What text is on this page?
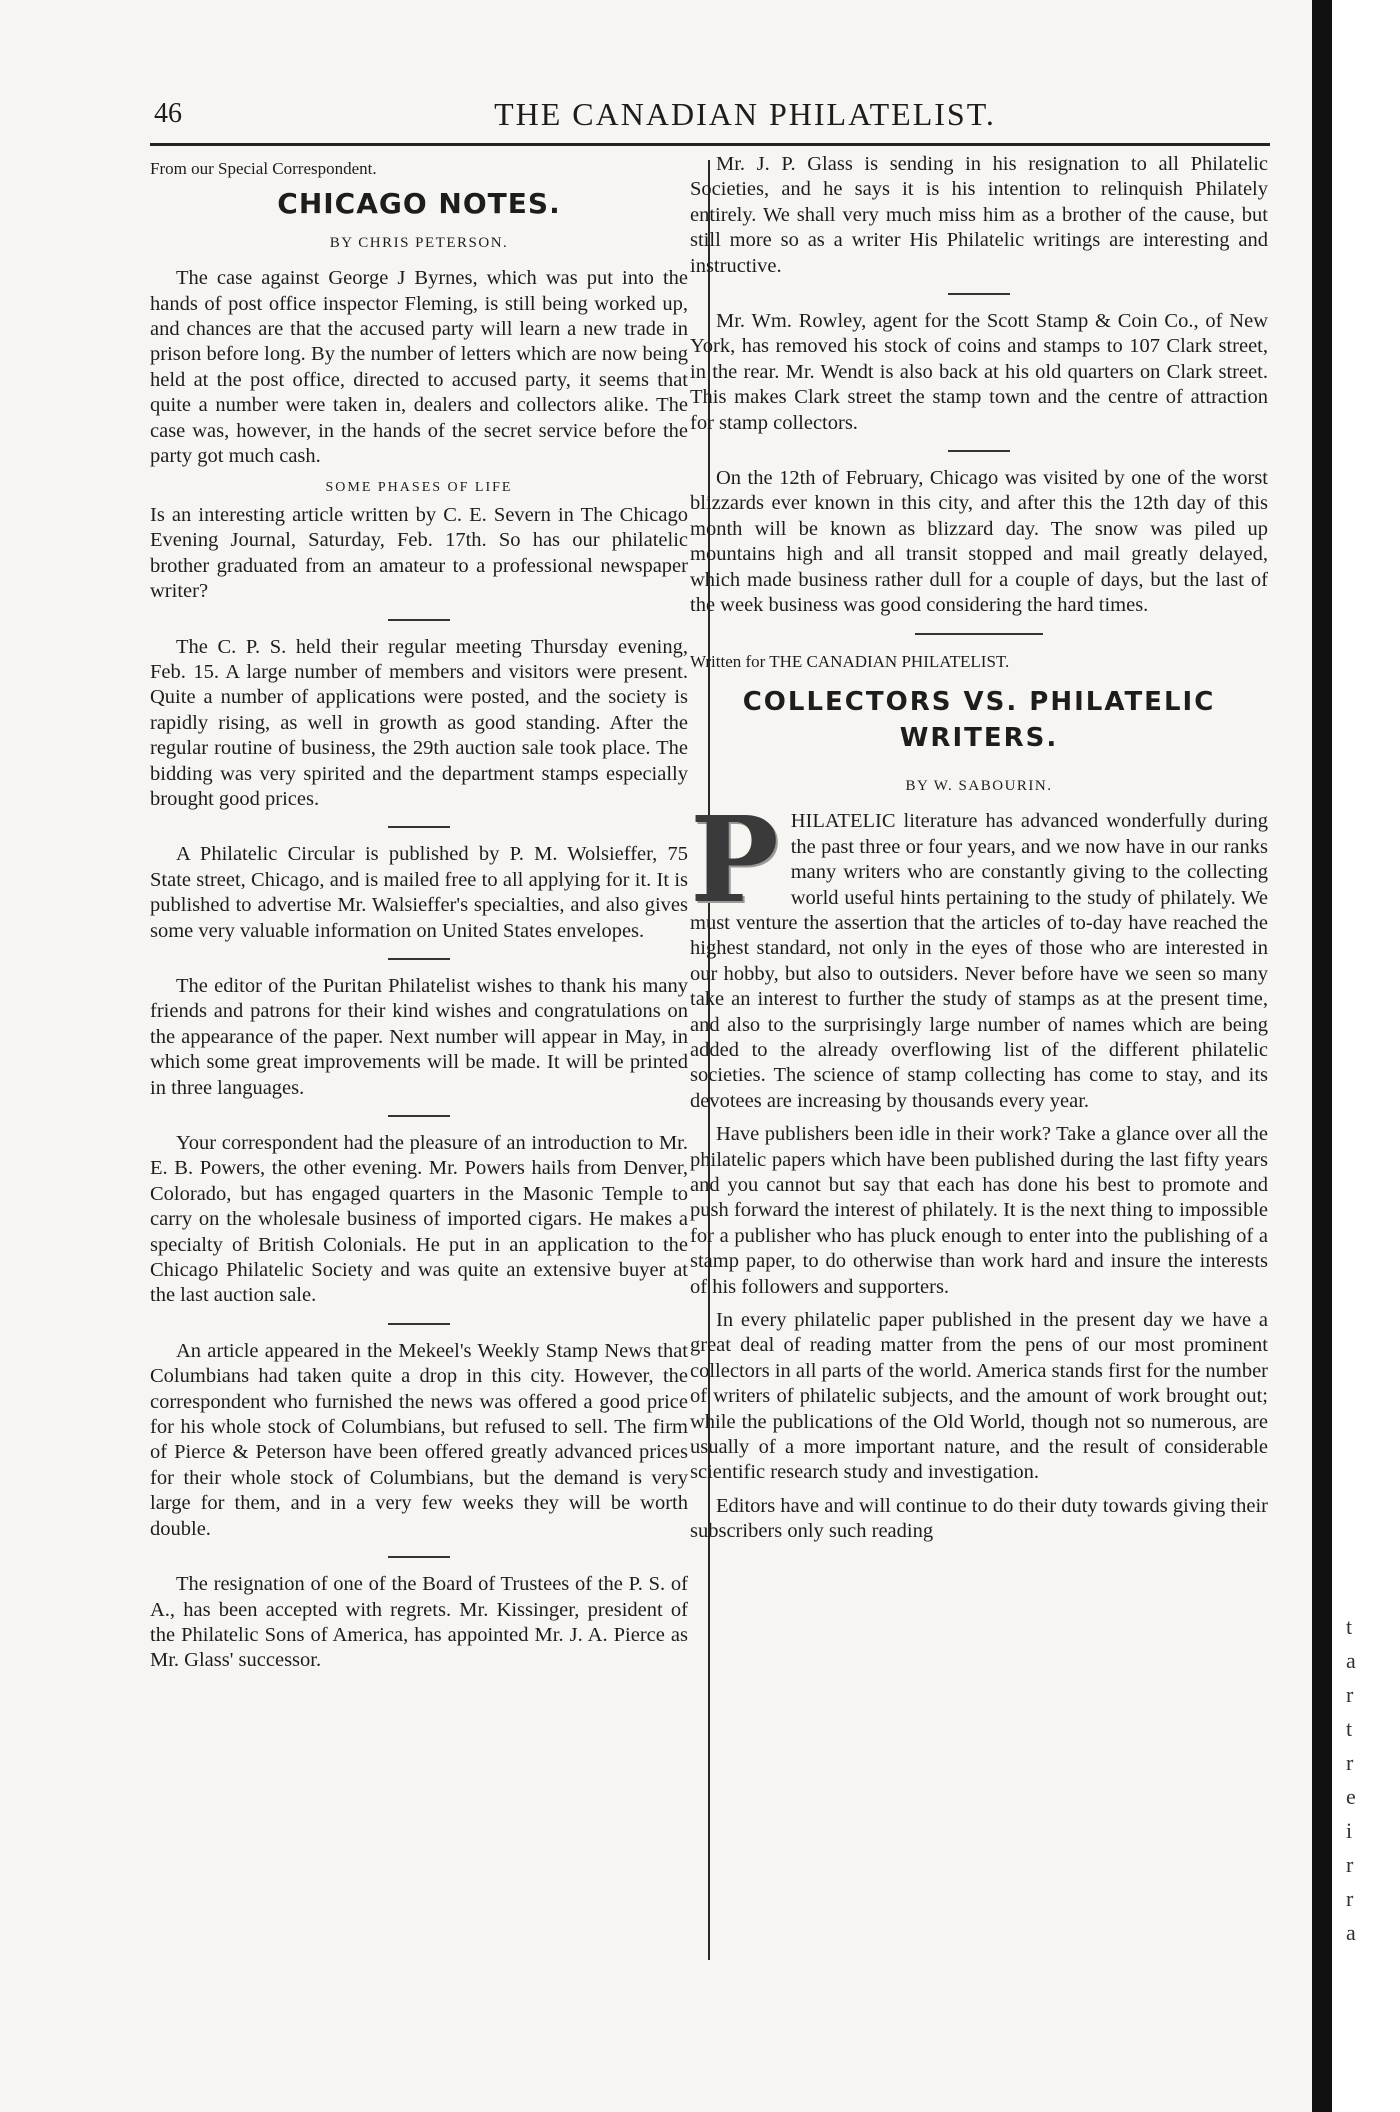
46	THE CANADIAN PHILATELIST.
From our Special Correspondent.
CHICAGO NOTES.
BY CHRIS PETERSON.

The case against George J Byrnes, which was put into the hands of post office inspector Fleming, is still being worked up, and chances are that the accused party will learn a new trade in prison before long. By the number of letters which are now being held at the post office, directed to accused party, it seems that quite a number were taken in, dealers and collectors alike. The case was, however, in the hands of the secret service before the party got much cash.

SOME PHASES OF LIFE

Is an interesting article written by C. E. Severn in The Chicago Evening Journal, Saturday, Feb. 17th. So has our philatelic brother graduated from an amateur to a professional newspaper writer?

The C. P. S. held their regular meeting Thursday evening, Feb. 15. A large number of members and visitors were present. Quite a number of applications were posted, and the society is rapidly rising, as well in growth as good standing. After the regular routine of business, the 29th auction sale took place. The bidding was very spirited and the department stamps especially brought good prices.

A Philatelic Circular is published by P. M. Wolsieffer, 75 State street, Chicago, and is mailed free to all applying for it. It is published to advertise Mr. Walsieffer's specialties, and also gives some very valuable information on United States envelopes.

The editor of the Puritan Philatelist wishes to thank his many friends and patrons for their kind wishes and congratulations on the appearance of the paper. Next number will appear in May, in which some great improvements will be made. It will be printed in three languages.

Your correspondent had the pleasure of an introduction to Mr. E. B. Powers, the other evening. Mr. Powers hails from Denver, Colorado, but has engaged quarters in the Masonic Temple to carry on the wholesale business of imported cigars. He makes a specialty of British Colonials. He put in an application to the Chicago Philatelic Society and was quite an extensive buyer at the last auction sale.

An article appeared in the Mekeel's Weekly Stamp News that Columbians had taken quite a drop in this city. However, the correspondent who furnished the news was offered a good price for his whole stock of Columbians, but refused to sell. The firm of Pierce & Peterson have been offered greatly advanced prices for their whole stock of Columbians, but the demand is very large for them, and in a very few weeks they will be worth double.

The resignation of one of the Board of Trustees of the P. S. of A., has been accepted with regrets. Mr. Kissinger, president of the Philatelic Sons of America, has appointed Mr. J. A. Pierce as Mr. Glass' successor.

Mr. J. P. Glass is sending in his resignation to all Philatelic Societies, and he says it is his intention to relinquish Philately entirely. We shall very much miss him as a brother of the cause, but still more so as a writer His Philatelic writings are interesting and instructive.

Mr. Wm. Rowley, agent for the Scott Stamp & Coin Co., of New York, has removed his stock of coins and stamps to 107 Clark street, in the rear. Mr. Wendt is also back at his old quarters on Clark street. This makes Clark street the stamp town and the centre of attraction for stamp collectors.

On the 12th of February, Chicago was visited by one of the worst blizzards ever known in this city, and after this the 12th day of this month will be known as blizzard day. The snow was piled up mountains high and all transit stopped and mail greatly delayed, which made business rather dull for a couple of days, but the last of the week business was good considering the hard times.

Written for THE CANADIAN PHILATELIST.
COLLECTORS VS. PHILATELIC WRITERS.
BY W. SABOURIN.

PHILATELIC literature has advanced wonderfully during the past three or four years, and we now have in our ranks many writers who are constantly giving to the collecting world useful hints pertaining to the study of philately. We must venture the assertion that the articles of to-day have reached the highest standard, not only in the eyes of those who are interested in our hobby, but also to outsiders. Never before have we seen so many take an interest to further the study of stamps as at the present time, and also to the surprisingly large number of names which are being added to the already overflowing list of the different philatelic societies. The science of stamp collecting has come to stay, and its devotees are increasing by thousands every year.

Have publishers been idle in their work? Take a glance over all the philatelic papers which have been published during the last fifty years and you cannot but say that each has done his best to promote and push forward the interest of philately. It is the next thing to impossible for a publisher who has pluck enough to enter into the publishing of a stamp paper, to do otherwise than work hard and insure the interests of his followers and supporters.

In every philatelic paper published in the present day we have a great deal of reading matter from the pens of our most prominent collectors in all parts of the world. America stands first for the number of writers of philatelic subjects, and the amount of work brought out; while the publications of the Old World, though not so numerous, are usually of a more important nature, and the result of considerable scientific research study and investigation.

Editors have and will continue to do their duty towards giving their subscribers only such reading

t
a
r
t
r
e
i
r
r
a
